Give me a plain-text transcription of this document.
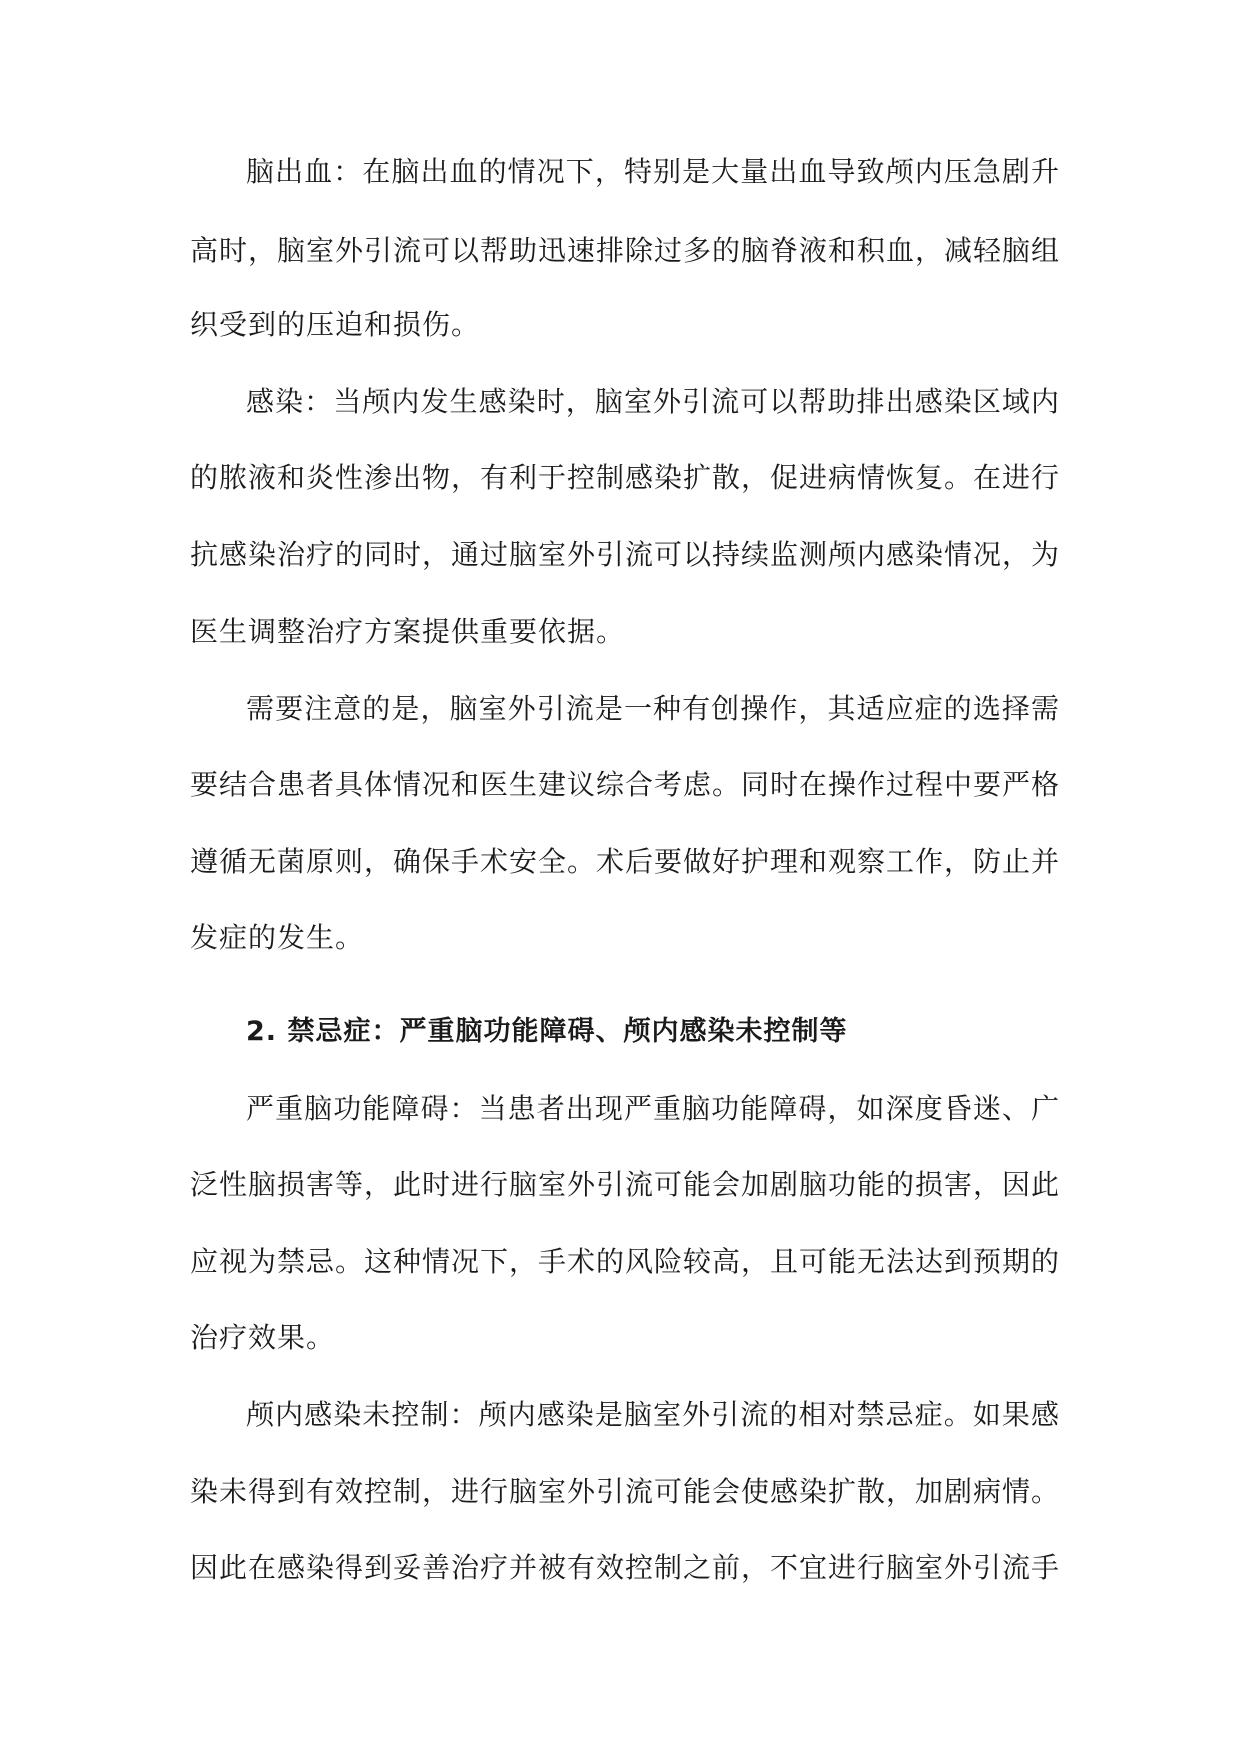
脑出血：在脑出血的情况下，特别是大量出血导致颅内压急剧升
高时，脑室外引流可以帮助迅速排除过多的脑脊液和积血，减轻脑组
织受到的压迫和损伤。
感染：当颅内发生感染时，脑室外引流可以帮助排出感染区域内
的脓液和炎性渗出物，有利于控制感染扩散，促进病情恢复。在进行
抗感染治疗的同时，通过脑室外引流可以持续监测颅内感染情况，为
医生调整治疗方案提供重要依据。
需要注意的是，脑室外引流是一种有创操作，其适应症的选择需
要结合患者具体情况和医生建议综合考虑。同时在操作过程中要严格
遵循无菌原则，确保手术安全。术后要做好护理和观察工作，防止并
发症的发生。
2. 禁忌症：严重脑功能障碍、颅内感染未控制等
严重脑功能障碍：当患者出现严重脑功能障碍，如深度昏迷、广
泛性脑损害等，此时进行脑室外引流可能会加剧脑功能的损害，因此
应视为禁忌。这种情况下，手术的风险较高，且可能无法达到预期的
治疗效果。
颅内感染未控制：颅内感染是脑室外引流的相对禁忌症。如果感
染未得到有效控制，进行脑室外引流可能会使感染扩散，加剧病情。
因此在感染得到妥善治疗并被有效控制之前，不宜进行脑室外引流手
